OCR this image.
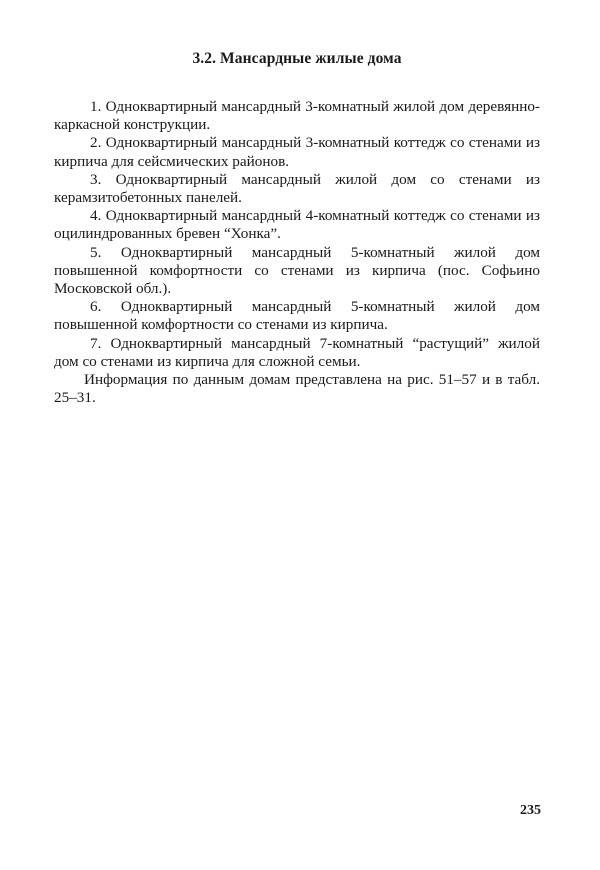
3.2. Мансардные жилые дома

1. Одноквартирный мансардный 3-комнатный жилой дом деревянно-каркасной конструкции.

2. Одноквартирный мансардный 3-комнатный коттедж со стенами из кирпича для сейсмических районов.

3. Одноквартирный мансардный жилой дом со стенами из керамзитобетонных панелей.

4. Одноквартирный мансардный 4-комнатный коттедж со стенами из оцилиндрованных бревен “Хонка”.

5. Одноквартирный мансардный 5-комнатный жилой дом повышенной комфортности со стенами из кирпича (пос. Софьино Московской обл.).

6. Одноквартирный мансардный 5-комнатный жилой дом повышенной комфортности со стенами из кирпича.

7. Одноквартирный мансардный 7-комнатный “растущий” жилой дом со стенами из кирпича для сложной семьи.

Информация по данным домам представлена на рис. 51–57 и в табл. 25–31.

235
